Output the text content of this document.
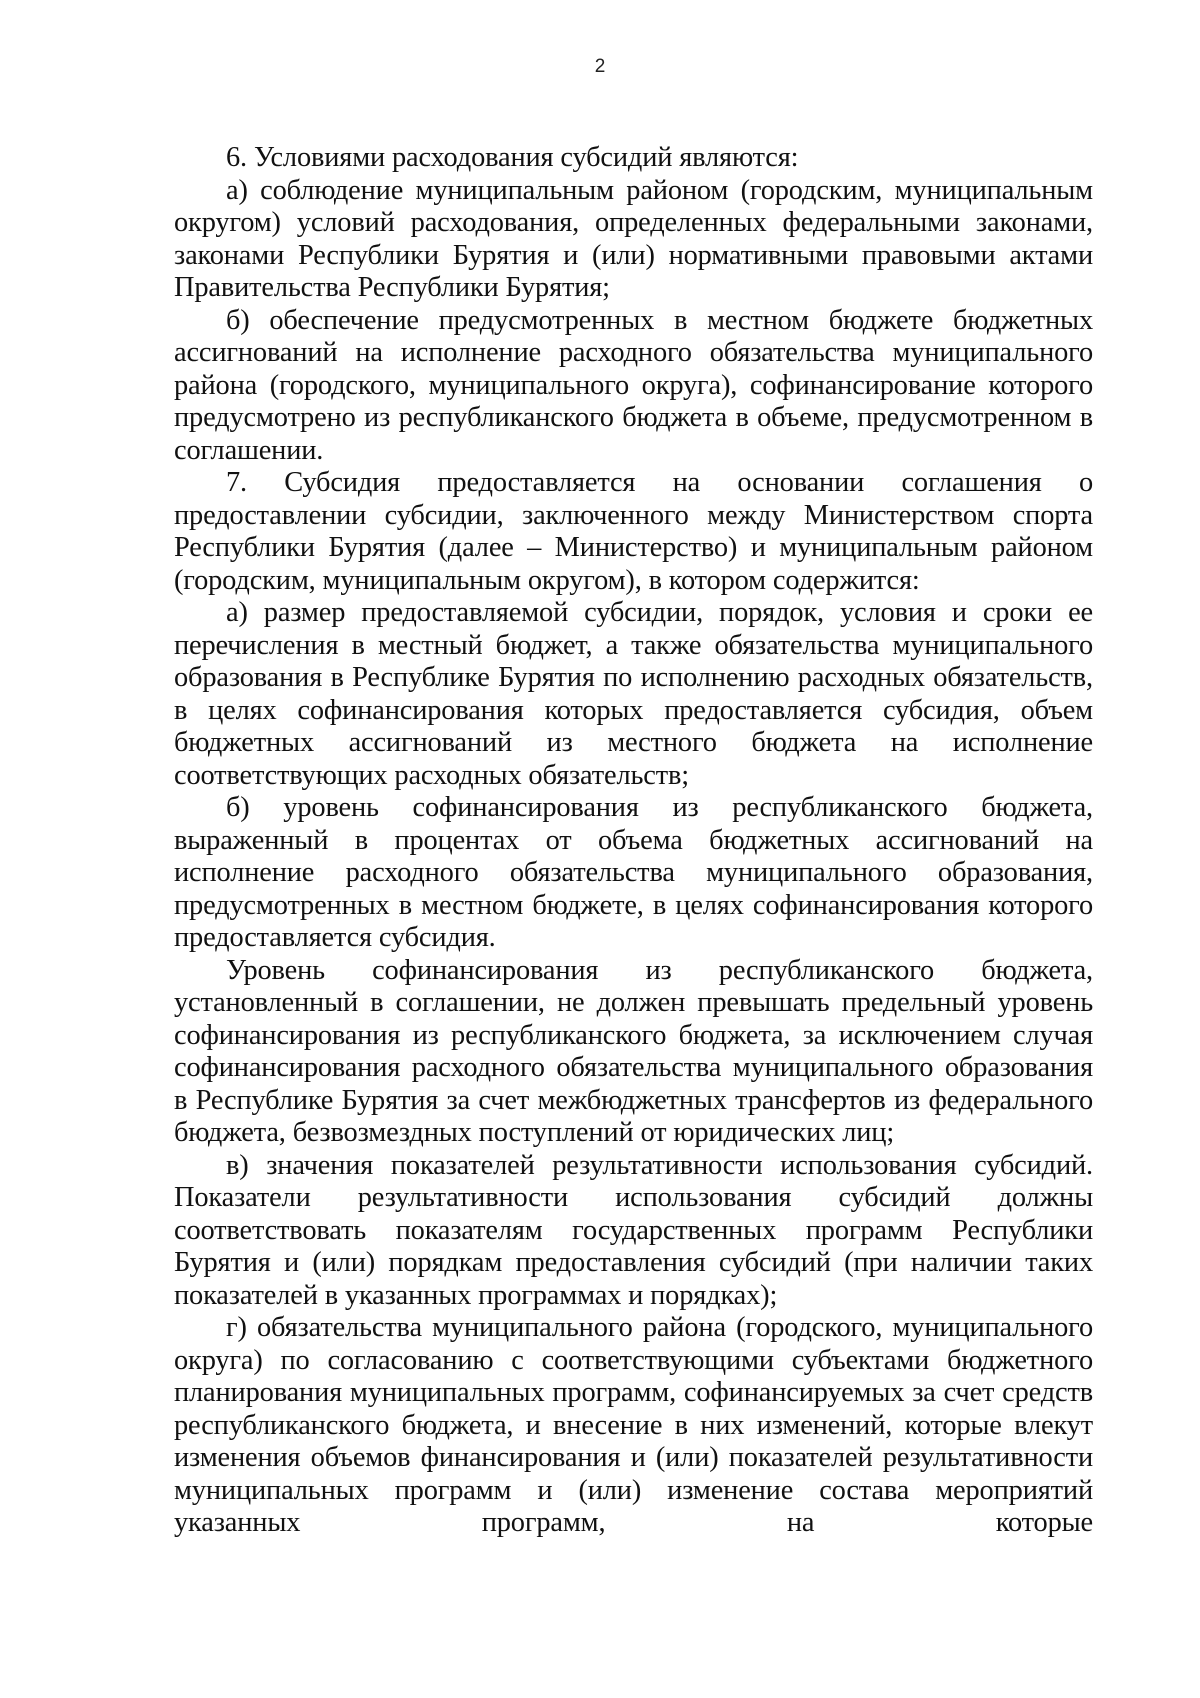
2

6. Условиями расходования субсидий являются:

а) соблюдение муниципальным районом (городским, муниципальным округом) условий расходования, определенных федеральными законами, законами Республики Бурятия и (или) нормативными правовыми актами Правительства Республики Бурятия;

б) обеспечение предусмотренных в местном бюджете бюджетных ассигнований на исполнение расходного обязательства муниципального района (городского, муниципального округа), софинансирование которого предусмотрено из республиканского бюджета в объеме, предусмотренном в соглашении.

7. Субсидия предоставляется на основании соглашения о предоставлении субсидии, заключенного между Министерством спорта Республики Бурятия (далее – Министерство) и муниципальным районом (городским, муниципальным округом), в котором содержится:

а) размер предоставляемой субсидии, порядок, условия и сроки ее перечисления в местный бюджет, а также обязательства муниципального образования в Республике Бурятия по исполнению расходных обязательств, в целях софинансирования которых предоставляется субсидия, объем бюджетных ассигнований из местного бюджета на исполнение соответствующих расходных обязательств;

б) уровень софинансирования из республиканского бюджета, выраженный в процентах от объема бюджетных ассигнований на исполнение расходного обязательства муниципального образования, предусмотренных в местном бюджете, в целях софинансирования которого предоставляется субсидия.

Уровень софинансирования из республиканского бюджета, установленный в соглашении, не должен превышать предельный уровень софинансирования из республиканского бюджета, за исключением случая софинансирования расходного обязательства муниципального образования в Республике Бурятия за счет межбюджетных трансфертов из федерального бюджета, безвозмездных поступлений от юридических лиц;

в) значения показателей результативности использования субсидий. Показатели результативности использования субсидий должны соответствовать показателям государственных программ Республики Бурятия и (или) порядкам предоставления субсидий (при наличии таких показателей в указанных программах и порядках);

г) обязательства муниципального района (городского, муниципального округа) по согласованию с соответствующими субъектами бюджетного планирования муниципальных программ, софинансируемых за счет средств республиканского бюджета, и внесение в них изменений, которые влекут изменения объемов финансирования и (или) показателей результативности муниципальных программ и (или) изменение состава мероприятий указанных программ, на которые
